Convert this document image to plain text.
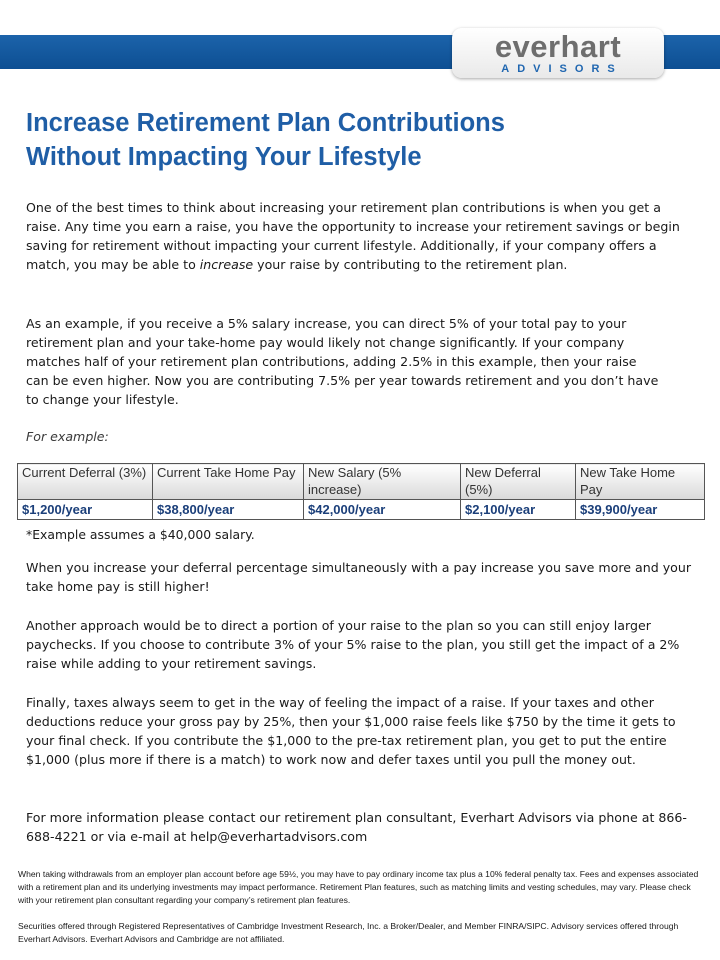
everhart
ADVISORS
Increase Retirement Plan Contributions
Without Impacting Your Lifestyle

One of the best times to think about increasing your retirement plan contributions is when you get a raise. Any time you earn a raise, you have the opportunity to increase your retirement savings or begin saving for retirement without impacting your current lifestyle. Additionally, if your company offers a match, you may be able to increase your raise by contributing to the retirement plan.

As an example, if you receive a 5% salary increase, you can direct 5% of your total pay to your retirement plan and your take-home pay would likely not change significantly. If your company matches half of your retirement plan contributions, adding 2.5% in this example, then your raise can be even higher. Now you are contributing 7.5% per year towards retirement and you don’t have to change your lifestyle.

For example:

Current Deferral (3%)	Current Take Home Pay	New Salary (5% increase)	New Deferral (5%)	New Take Home Pay
$1,200/year	$38,800/year	$42,000/year	$2,100/year	$39,900/year

*Example assumes a $40,000 salary.

When you increase your deferral percentage simultaneously with a pay increase you save more and your take home pay is still higher!

Another approach would be to direct a portion of your raise to the plan so you can still enjoy larger paychecks. If you choose to contribute 3% of your 5% raise to the plan, you still get the impact of a 2% raise while adding to your retirement savings.

Finally, taxes always seem to get in the way of feeling the impact of a raise. If your taxes and other deductions reduce your gross pay by 25%, then your $1,000 raise feels like $750 by the time it gets to your final check. If you contribute the $1,000 to the pre-tax retirement plan, you get to put the entire $1,000 (plus more if there is a match) to work now and defer taxes until you pull the money out.

For more information please contact our retirement plan consultant, Everhart Advisors via phone at 866-688-4221 or via e-mail at help@everhartadvisors.com

When taking withdrawals from an employer plan account before age 59½, you may have to pay ordinary income tax plus a 10% federal penalty tax. Fees and expenses associated with a retirement plan and its underlying investments may impact performance. Retirement Plan features, such as matching limits and vesting schedules, may vary. Please check with your retirement plan consultant regarding your company’s retirement plan features.

Securities offered through Registered Representatives of Cambridge Investment Research, Inc. a Broker/Dealer, and Member FINRA/SIPC. Advisory services offered through Everhart Advisors. Everhart Advisors and Cambridge are not affiliated.
